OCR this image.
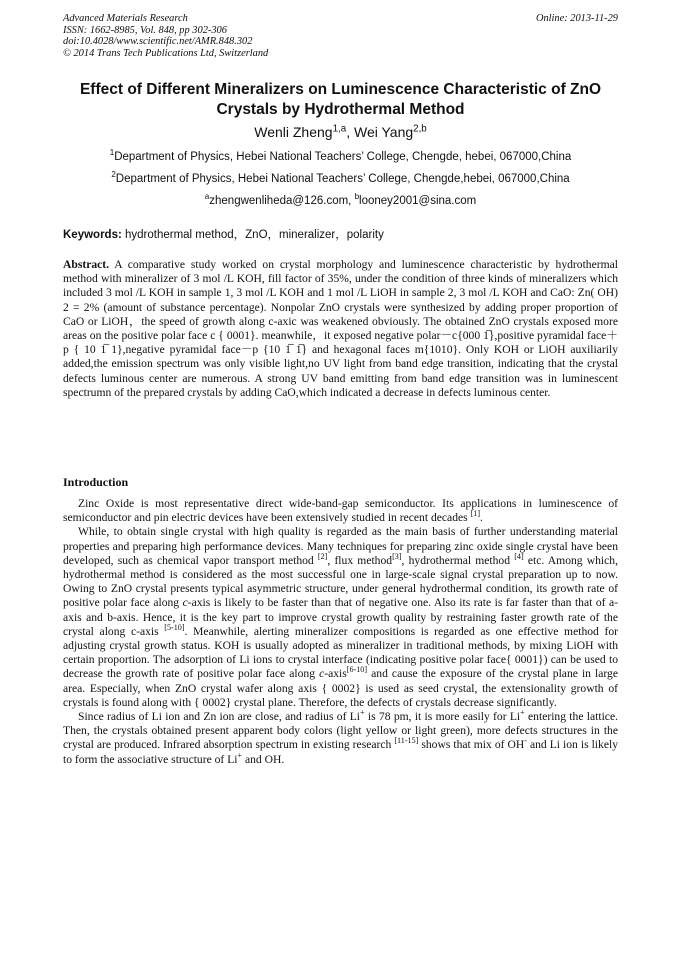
Advanced Materials Research
ISSN: 1662-8985, Vol. 848, pp 302-306
doi:10.4028/www.scientific.net/AMR.848.302
© 2014 Trans Tech Publications Ltd, Switzerland
Online: 2013-11-29
Effect of Different Mineralizers on Luminescence Characteristic of ZnO Crystals by Hydrothermal Method
Wenli Zheng$^{1,a}$, Wei Yang$^{2,b}$
$^1$Department of Physics, Hebei National Teachers’ College, Chengde, hebei, 067000,China
$^2$Department of Physics, Hebei National Teachers’ College, Chengde,hebei, 067000,China
$^a$zhengwenliheda@126.com, $^b$looney2001@sina.com
Keywords: hydrothermal method，ZnO，mineralizer，polarity
Abstract. A comparative study worked on crystal morphology and luminescence characteristic by hydrothermal method with mineralizer of 3 mol /L KOH, fill factor of 35%, under the condition of three kinds of mineralizers which included 3 mol /L KOH in sample 1, 3 mol /L KOH and 1 mol /L LiOH in sample 2, 3 mol /L KOH and CaO: Zn( OH) 2 = 2% (amount of substance percentage). Nonpolar ZnO crystals were synthesized by adding proper proportion of CaO or LiOH，the speed of growth along c-axic was weakened obviously. The obtained ZnO crystals exposed more areas on the positive polar face c { 0001}. meanwhile，it exposed negative polar－c{000 1̅},positive pyramidal face＋p { 10 1̅ 1},negative pyramidal face－p {10 1̅ 1̅} and hexagonal faces m{1010}. Only KOH or LiOH auxiliarily added,the emission spectrum was only visible light,no UV light from band edge transition, indicating that the crystal defects luminous center are numerous. A strong UV band emitting from band edge transition was in luminescent spectrumn of the prepared crystals by adding CaO,which indicated a decrease in defects luminous center.
Introduction

Zinc Oxide is most representative direct wide-band-gap semiconductor. Its applications in luminescence of semiconductor and pin electric devices have been extensively studied in recent decades [1].

While, to obtain single crystal with high quality is regarded as the main basis of further understanding material properties and preparing high performance devices. Many techniques for preparing zinc oxide single crystal have been developed, such as chemical vapor transport method [2], flux method[3], hydrothermal method [4] etc. Among which, hydrothermal method is considered as the most successful one in large-scale signal crystal preparation up to now. Owing to ZnO crystal presents typical asymmetric structure, under general hydrothermal condition, its growth rate of positive polar face along c-axis is likely to be faster than that of negative one. Also its rate is far faster than that of a-axis and b-axis. Hence, it is the key part to improve crystal growth quality by restraining faster growth rate of the crystal along c-axis [5-10]. Meanwhile, alerting mineralizer compositions is regarded as one effective method for adjusting crystal growth status. KOH is usually adopted as mineralizer in traditional methods, by mixing LiOH with certain proportion. The adsorption of Li ions to crystal interface (indicating positive polar face{ 0001}) can be used to decrease the growth rate of positive polar face along c-axis[6-10] and cause the exposure of the crystal plane in large area. Especially, when ZnO crystal wafer along axis { 0002} is used as seed crystal, the extensionality growth of crystals is found along with { 0002} crystal plane. Therefore, the defects of crystals decrease significantly.

Since radius of Li ion and Zn ion are close, and radius of Li+ is 78 pm, it is more easily for Li+ entering the lattice. Then, the crystals obtained present apparent body colors (light yellow or light green), more defects structures in the crystal are produced. Infrared absorption spectrum in existing research [11-15] shows that mix of OH- and Li ion is likely to form the associative structure of Li+ and OH.
